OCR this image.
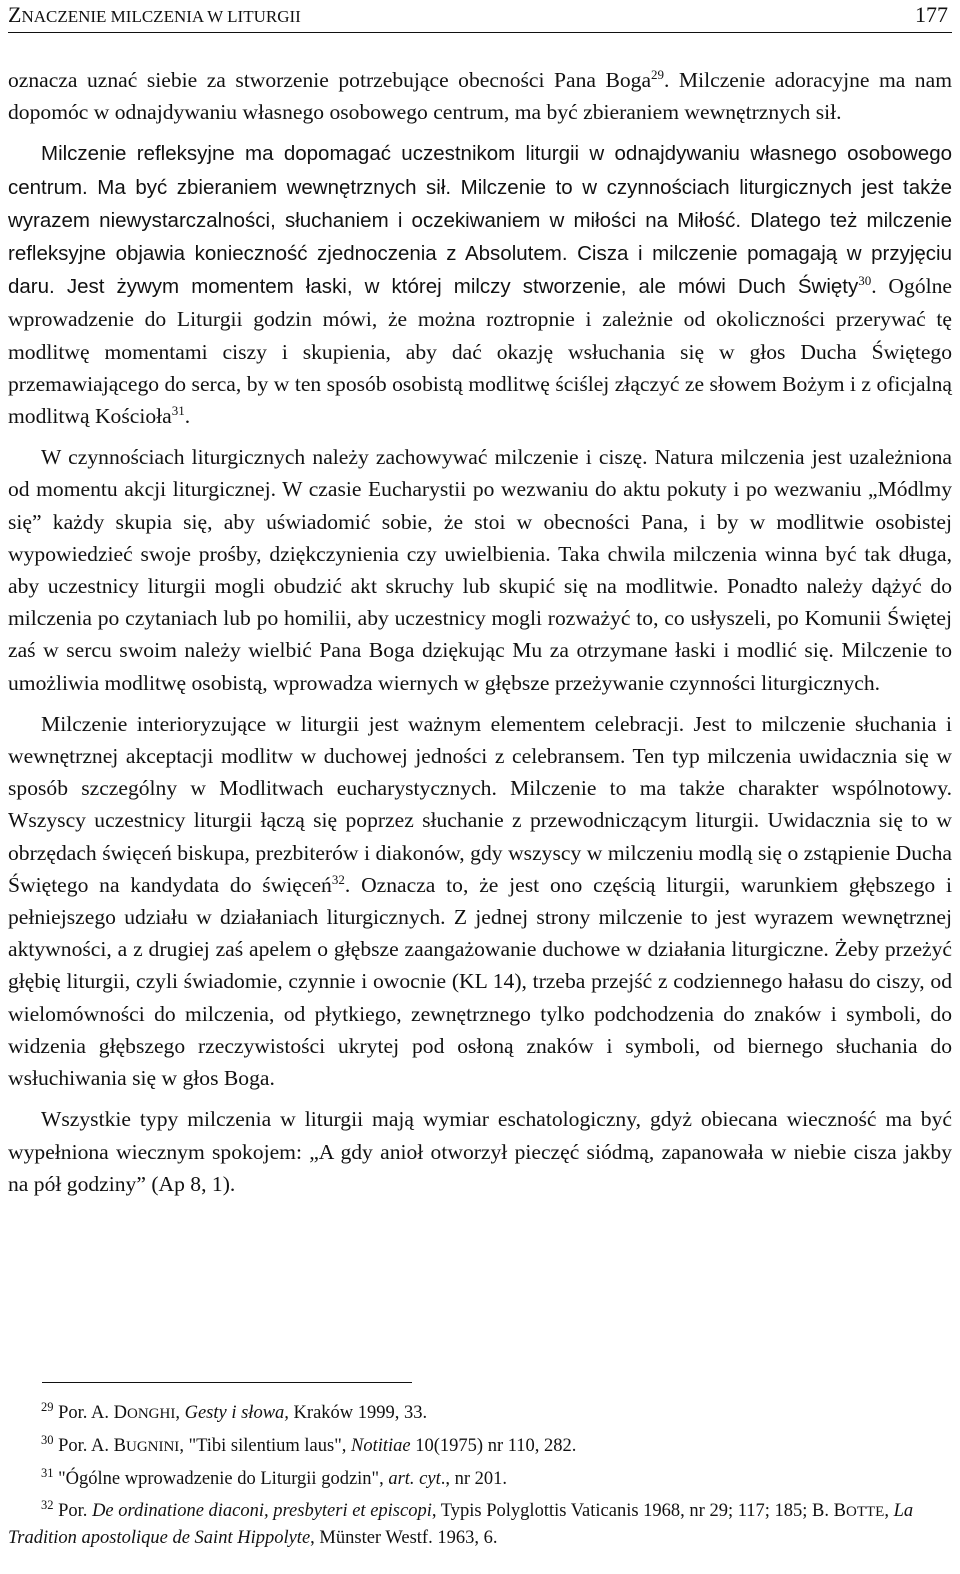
ZNACZENIE MILCZENIA W LITURGII	177

oznacza uznać siebie za stworzenie potrzebujące obecności Pana Boga$^{29}$. Milczenie adoracyjne ma nam dopomóc w odnajdywaniu własnego osobowego centrum, ma być zbieraniem wewnętrznych sił.

Milczenie refleksyjne ma dopomagać uczestnikom liturgii w odnajdywaniu własnego osobowego centrum. Ma być zbieraniem wewnętrznych sił. Milczenie to w czynnościach liturgicznych jest także wyrazem niewystarczalności, słuchaniem i oczekiwaniem w miłości na Miłość. Dlatego też milczenie refleksyjne objawia konieczność zjednoczenia z Absolutem. Cisza i milczenie pomagają w przyjęciu daru. Jest żywym momentem łaski, w której milczy stworzenie, ale mówi Duch Święty$^{30}$. Ogólne wprowadzenie do Liturgii godzin mówi, że można roztropnie i zależnie od okoliczności przerywać tę modlitwę momentami ciszy i skupienia, aby dać okazję wsłuchania się w głos Ducha Świętego przemawiającego do serca, by w ten sposób osobistą modlitwę ściślej złączyć ze słowem Bożym i z oficjalną modlitwą Kościoła$^{31}$.

W czynnościach liturgicznych należy zachowywać milczenie i ciszę. Natura milczenia jest uzależniona od momentu akcji liturgicznej. W czasie Eucharystii po wezwaniu do aktu pokuty i po wezwaniu „Módlmy się” każdy skupia się, aby uświadomić sobie, że stoi w obecności Pana, i by w modlitwie osobistej wypowiedzieć swoje prośby, dziękczynienia czy uwielbienia. Taka chwila milczenia winna być tak długa, aby uczestnicy liturgii mogli obudzić akt skruchy lub skupić się na modlitwie. Ponadto należy dążyć do milczenia po czytaniach lub po homilii, aby uczestnicy mogli rozważyć to, co usłyszeli, po Komunii Świętej zaś w sercu swoim należy wielbić Pana Boga dziękując Mu za otrzymane łaski i modlić się. Milczenie to umożliwia modlitwę osobistą, wprowadza wiernych w głębsze przeżywanie czynności liturgicznych.

Milczenie interioryzujące w liturgii jest ważnym elementem celebracji. Jest to milczenie słuchania i wewnętrznej akceptacji modlitw w duchowej jedności z celebransem. Ten typ milczenia uwidacznia się w sposób szczególny w Modlitwach eucharystycznych. Milczenie to ma także charakter wspólnotowy. Wszyscy uczestnicy liturgii łączą się poprzez słuchanie z przewodniczącym liturgii. Uwidacznia się to w obrzędach święceń biskupa, prezbiterów i diakonów, gdy wszyscy w milczeniu modlą się o zstąpienie Ducha Świętego na kandydata do święceń$^{32}$. Oznacza to, że jest ono częścią liturgii, warunkiem głębszego i pełniejszego udziału w działaniach liturgicznych. Z jednej strony milczenie to jest wyrazem wewnętrznej aktywności, a z drugiej zaś apelem o głębsze zaangażowanie duchowe w działania liturgiczne. Żeby przeżyć głębię liturgii, czyli świadomie, czynnie i owocnie (KL 14), trzeba przejść z codziennego hałasu do ciszy, od wielomówności do milczenia, od płytkiego, zewnętrznego tylko podchodzenia do znaków i symboli, do widzenia głębszego rzeczywistości ukrytej pod osłoną znaków i symboli, od biernego słuchania do wsłuchiwania się w głos Boga.

Wszystkie typy milczenia w liturgii mają wymiar eschatologiczny, gdyż obiecana wieczność ma być wypełniona wiecznym spokojem: „A gdy anioł otworzył pieczęć siódmą, zapanowała w niebie cisza jakby na pół godziny” (Ap 8, 1).

$^{29}$ Por. A. DONGHI, Gesty i słowa, Kraków 1999, 33.

$^{30}$ Por. A. BUGNINI, "Tibi silentium laus", Notitiae 10(1975) nr 110, 282.

$^{31}$ "Ógólne wprowadzenie do Liturgii godzin", art. cyt., nr 201.

$^{32}$ Por. De ordinatione diaconi, presbyteri et episcopi, Typis Polyglottis Vaticanis 1968, nr 29; 117; 185; B. BOTTE, La Tradition apostolique de Saint Hippolyte, Münster Westf. 1963, 6.
